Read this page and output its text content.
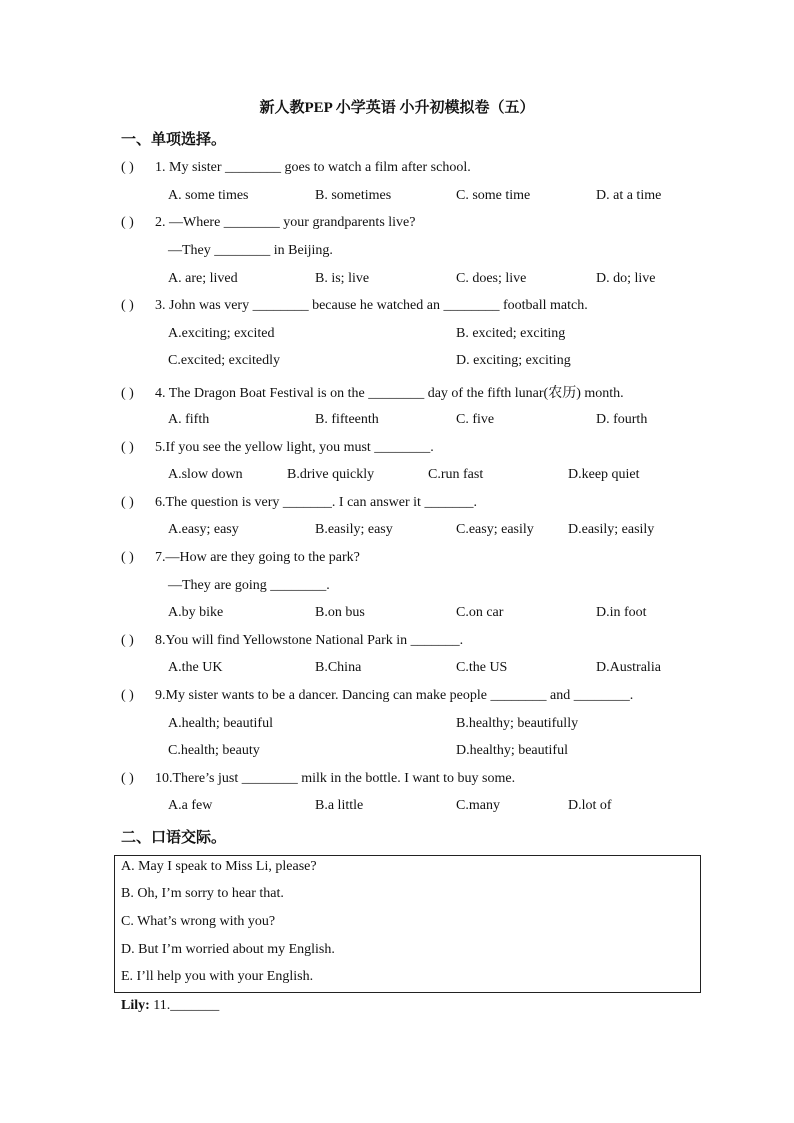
新人教PEP 小学英语 小升初模拟卷（五）
一、单项选择。
( ) 1. My sister ________ goes to watch a film after school.
A. some times	B. sometimes	C. some time	D. at a time
( ) 2. —Where ________ your grandparents live?
—They ________ in Beijing.
A. are; lived	B. is; live	C. does; live	D. do; live
( ) 3. John was very ________ because he watched an ________ football match.
A.exciting; excited	B. excited; exciting
C.excited; excitedly	D. exciting; exciting
( ) 4. The Dragon Boat Festival is on the ________ day of the fifth lunar(农历) month.
A. fifth	B. fifteenth	C. five	D. fourth
( ) 5.If you see the yellow light, you must ________.
A.slow down	B.drive quickly	C.run fast	D.keep quiet
( ) 6.The question is very _______. I can answer it _______.
A.easy; easy	B.easily; easy	C.easy; easily D.easily; easily
( ) 7.—How are they going to the park?
—They are going ________.
A.by bike	B.on bus	C.on car	D.in foot
( ) 8.You will find Yellowstone National Park in _______.
A.the UK	B.China	C.the US	D.Australia
( ) 9.My sister wants to be a dancer. Dancing can make people ________ and ________.
A.health; beautiful	B.healthy; beautifully
C.health; beauty	D.healthy; beautiful
( ) 10.There’s just ________ milk in the bottle. I want to buy some.
A.a few	B.a little	C.many	D.lot of
二、口语交际。
A. May I speak to Miss Li, please?
B. Oh, I’m sorry to hear that.
C. What’s wrong with you?
D. But I’m worried about my English.
E. I’ll help you with your English.
Lily: 11._______
